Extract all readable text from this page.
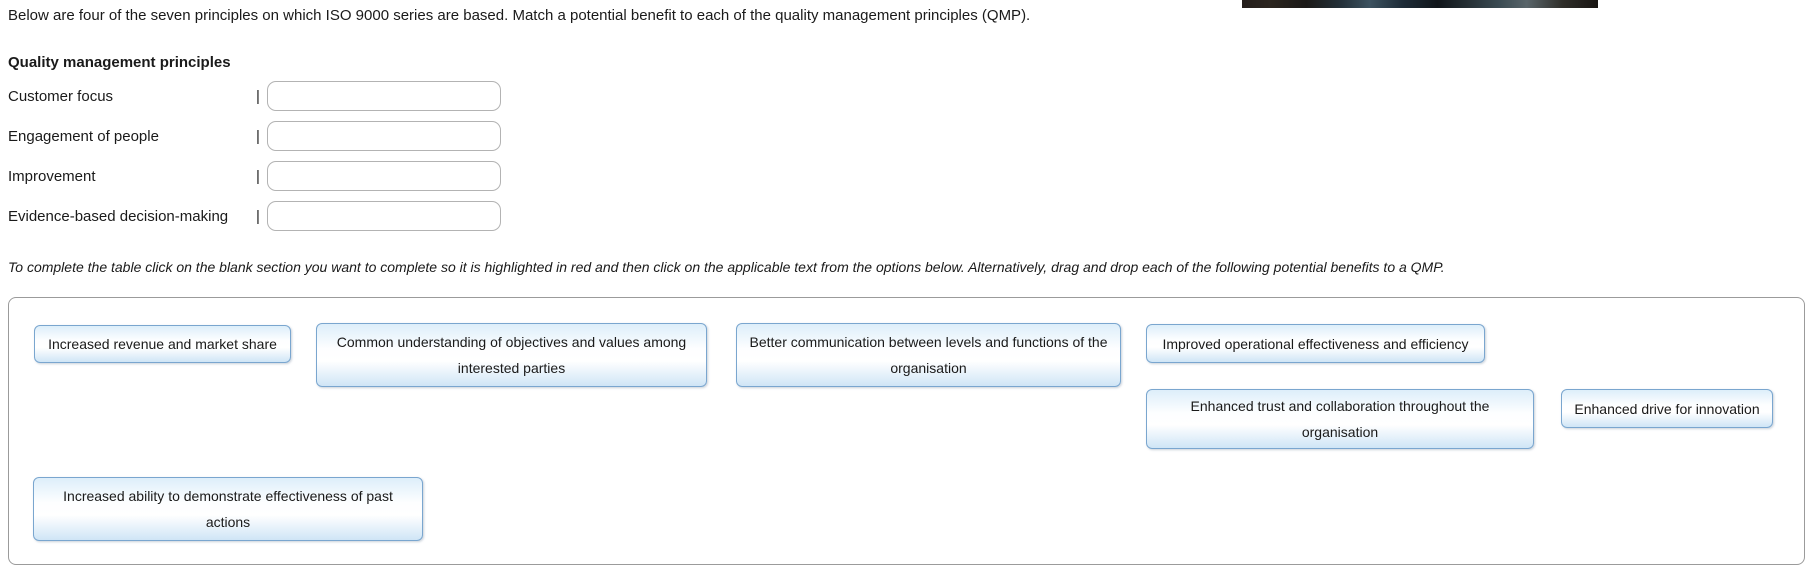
Below are four of the seven principles on which ISO 9000 series are based. Match a potential benefit to each of the quality management principles (QMP).
Quality management principles
Customer focus	|
Engagement of people	|
Improvement	|
Evidence-based decision-making	|
To complete the table click on the blank section you want to complete so it is highlighted in red and then click on the applicable text from the options below. Alternatively, drag and drop each of the following potential benefits to a QMP.
Increased revenue and market share	Common understanding of objectives and values among interested parties
Better communication between levels and functions of the organisation
Improved operational effectiveness and efficiency
Enhanced trust and collaboration throughout the organisation
Enhanced drive for innovation
Increased ability to demonstrate effectiveness of past actions
